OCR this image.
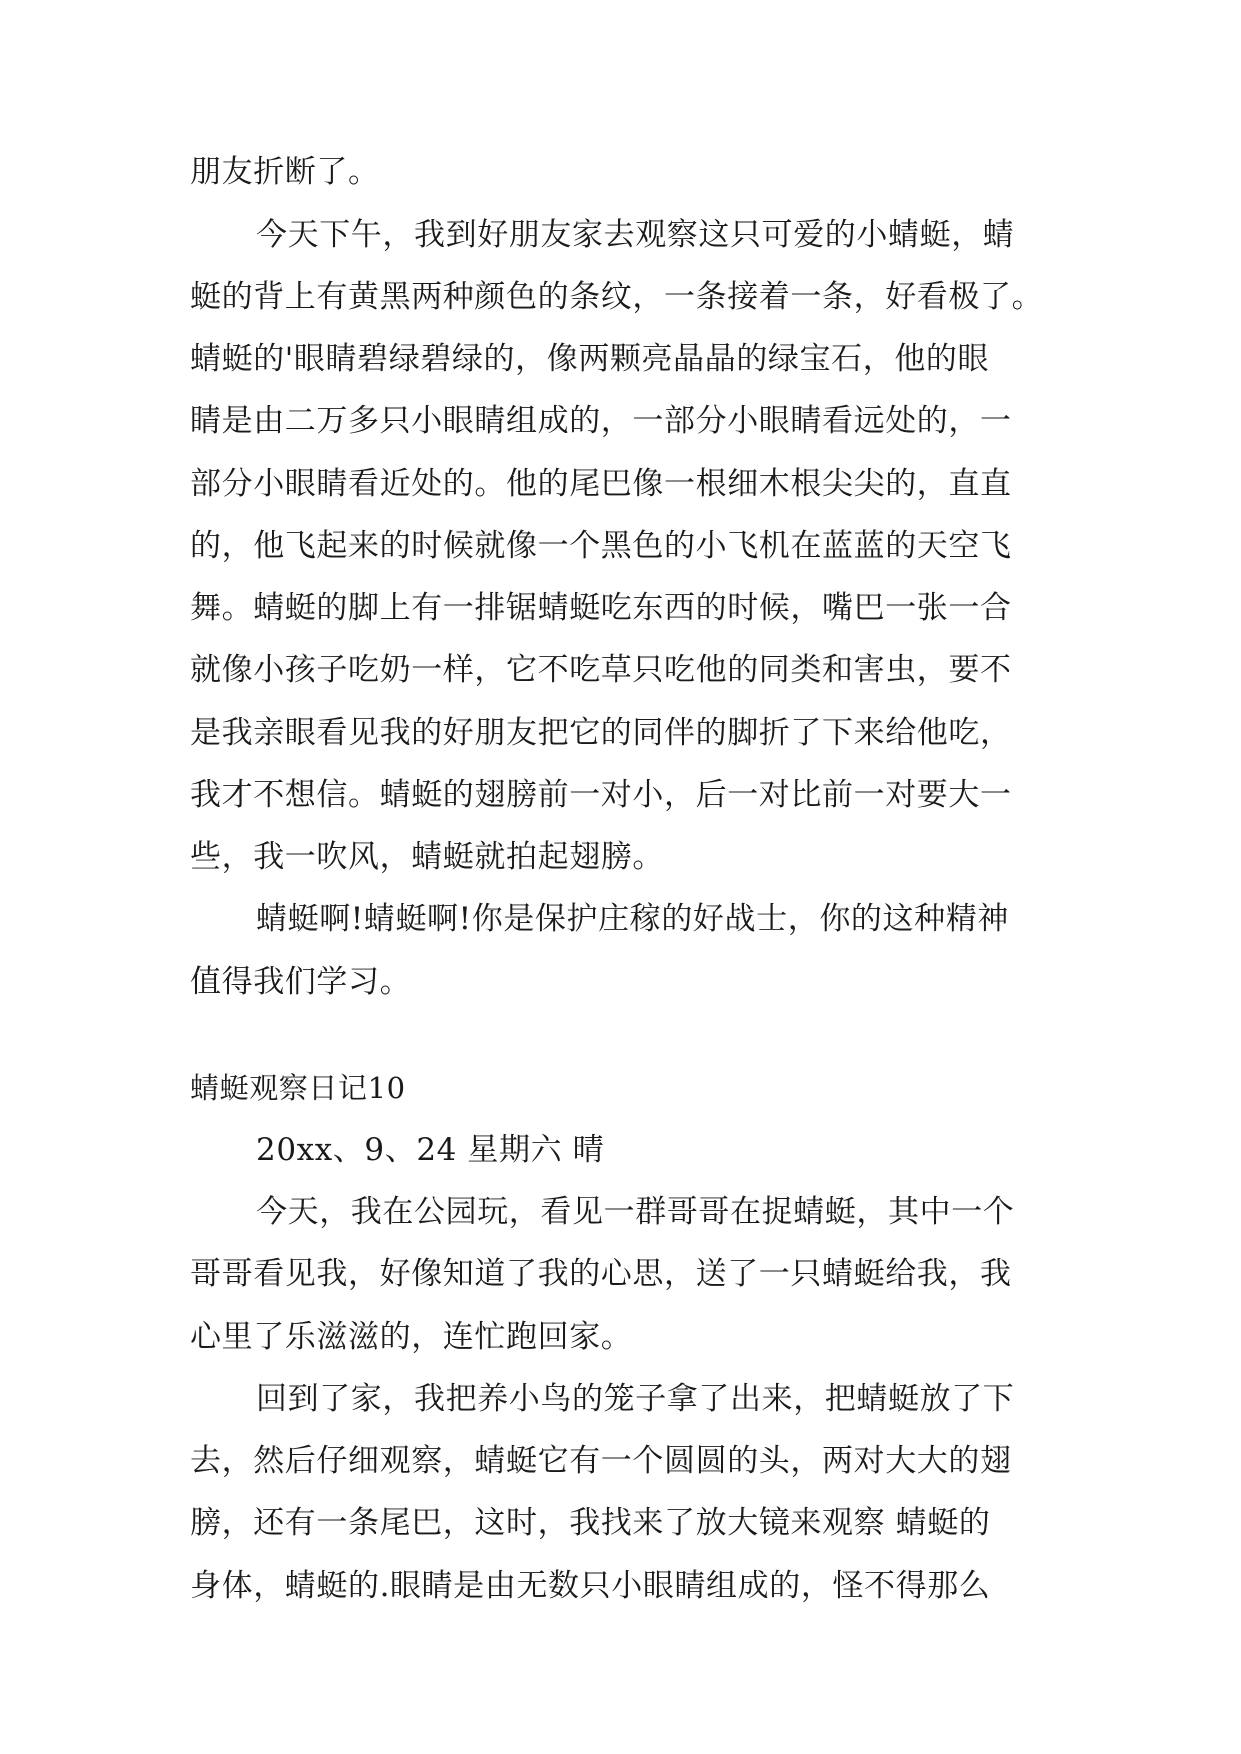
朋友折断了。
今天下午，我到好朋友家去观察这只可爱的小蜻蜓，蜻
蜓的背上有黄黑两种颜色的条纹，一条接着一条，好看极了。
蜻蜓的'眼睛碧绿碧绿的，像两颗亮晶晶的绿宝石，他的眼
睛是由二万多只小眼睛组成的，一部分小眼睛看远处的，一
部分小眼睛看近处的。他的尾巴像一根细木根尖尖的，直直
的，他飞起来的时候就像一个黑色的小飞机在蓝蓝的天空飞
舞。蜻蜓的脚上有一排锯蜻蜓吃东西的时候，嘴巴一张一合
就像小孩子吃奶一样，它不吃草只吃他的同类和害虫，要不
是我亲眼看见我的好朋友把它的同伴的脚折了下来给他吃，
我才不想信。蜻蜓的翅膀前一对小，后一对比前一对要大一
些，我一吹风，蜻蜓就拍起翅膀。
蜻蜓啊!蜻蜓啊!你是保护庄稼的好战士，你的这种精神
值得我们学习。
蜻蜓观察日记10
20xx、9、24 星期六 晴
今天，我在公园玩，看见一群哥哥在捉蜻蜓，其中一个
哥哥看见我，好像知道了我的心思，送了一只蜻蜓给我，我
心里了乐滋滋的，连忙跑回家。
回到了家，我把养小鸟的笼子拿了出来，把蜻蜓放了下
去，然后仔细观察，蜻蜓它有一个圆圆的头，两对大大的翅
膀，还有一条尾巴，这时，我找来了放大镜来观察 蜻蜓的
身体，蜻蜓的.眼睛是由无数只小眼睛组成的，怪不得那么
